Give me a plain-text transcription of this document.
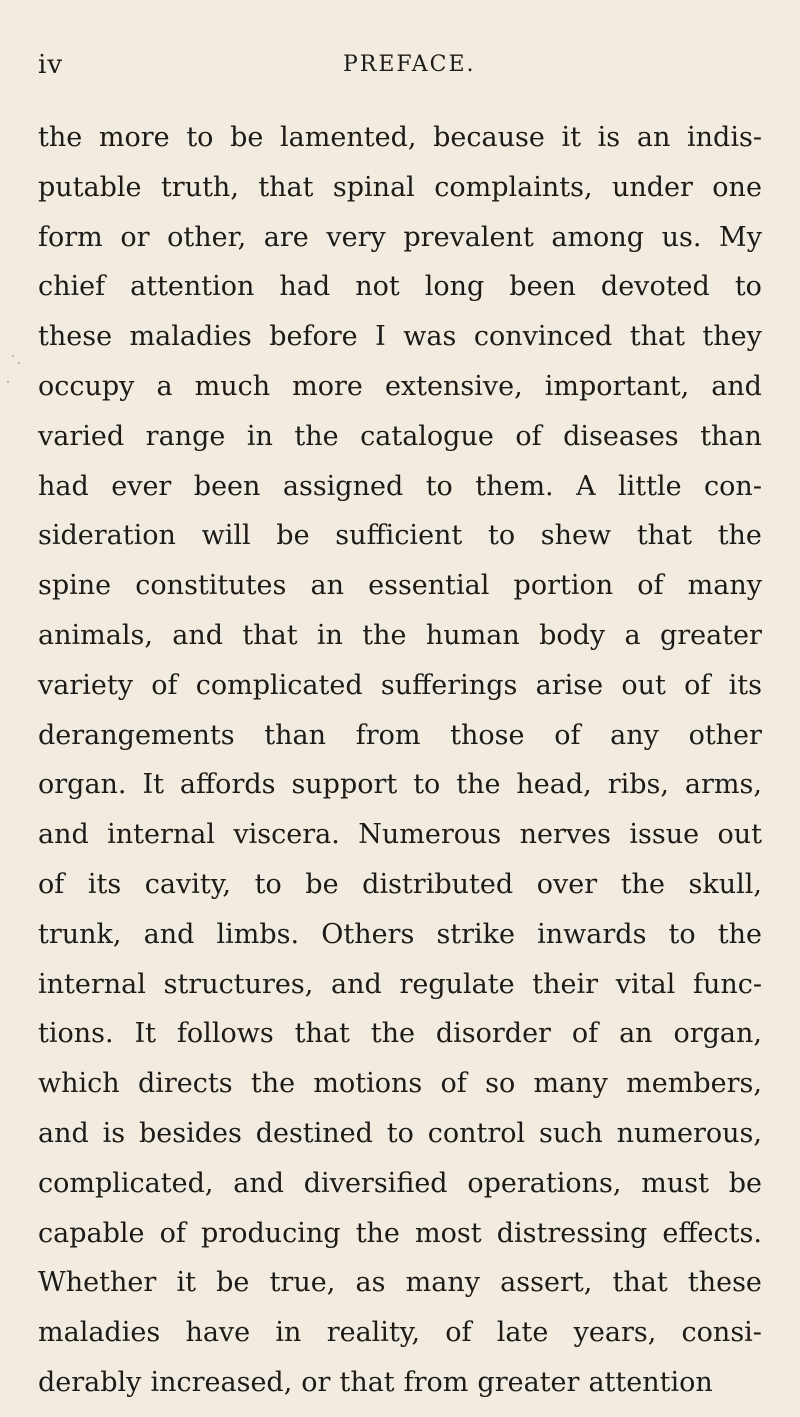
iv	PREFACE.
the more to be lamented, because it is an indis-
putable truth, that spinal complaints, under one
form or other, are very prevalent among us. My
chief attention had not long been devoted to
these maladies before I was convinced that they
occupy a much more extensive, important, and
varied range in the catalogue of diseases than
had ever been assigned to them. A little con-
sideration will be sufficient to shew that the
spine constitutes an essential portion of many
animals, and that in the human body a greater
variety of complicated sufferings arise out of its
derangements than from those of any other
organ. It affords support to the head, ribs, arms,
and internal viscera. Numerous nerves issue out
of its cavity, to be distributed over the skull,
trunk, and limbs. Others strike inwards to the
internal structures, and regulate their vital func-
tions. It follows that the disorder of an organ,
which directs the motions of so many members,
and is besides destined to control such numerous,
complicated, and diversified operations, must be
capable of producing the most distressing effects.
Whether it be true, as many assert, that these
maladies have in reality, of late years, consi-
derably increased, or that from greater attention
